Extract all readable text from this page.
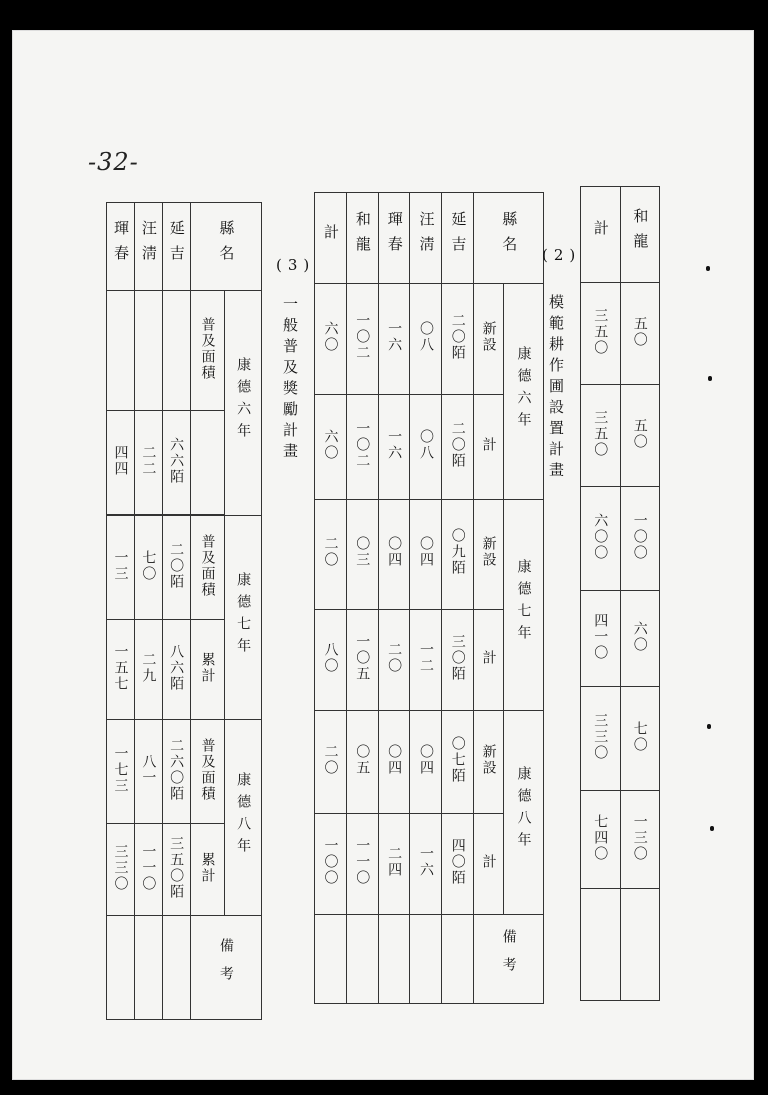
-32-
琿春	汪淸	延吉	縣名	
			普及面積	康德六年
四四	二二	六六陌		

一三	七〇	二〇陌	普及面積	康德七年
一五七	二九	八六陌	累計	
一七三	八一	二六〇陌	普及面積	康德八年
三三〇	一一〇	三五〇陌	累計	
			備考	
(3)
一般普及獎勵計畫
計	和龍	琿春	汪淸	延吉	縣名	
六〇	一〇二	一六	〇八	二〇陌	新設	康德六年
六〇	一〇二	一六	〇八	二〇陌	計	
二〇	〇三	〇四	〇四	〇九陌	新設	康德七年
八〇	一〇五	二〇	一二	三〇陌	計	
二〇	〇五	〇四	〇四	〇七陌	新設	康德八年
一〇〇	一一〇	二四	一六	四〇陌	計	
					備考	
(2)
模範耕作圃設置計畫
計	和龍
三五〇	五〇
三五〇	五〇
六〇〇	一〇〇
四一〇	六〇
三三〇	七〇
七四〇	一三〇
